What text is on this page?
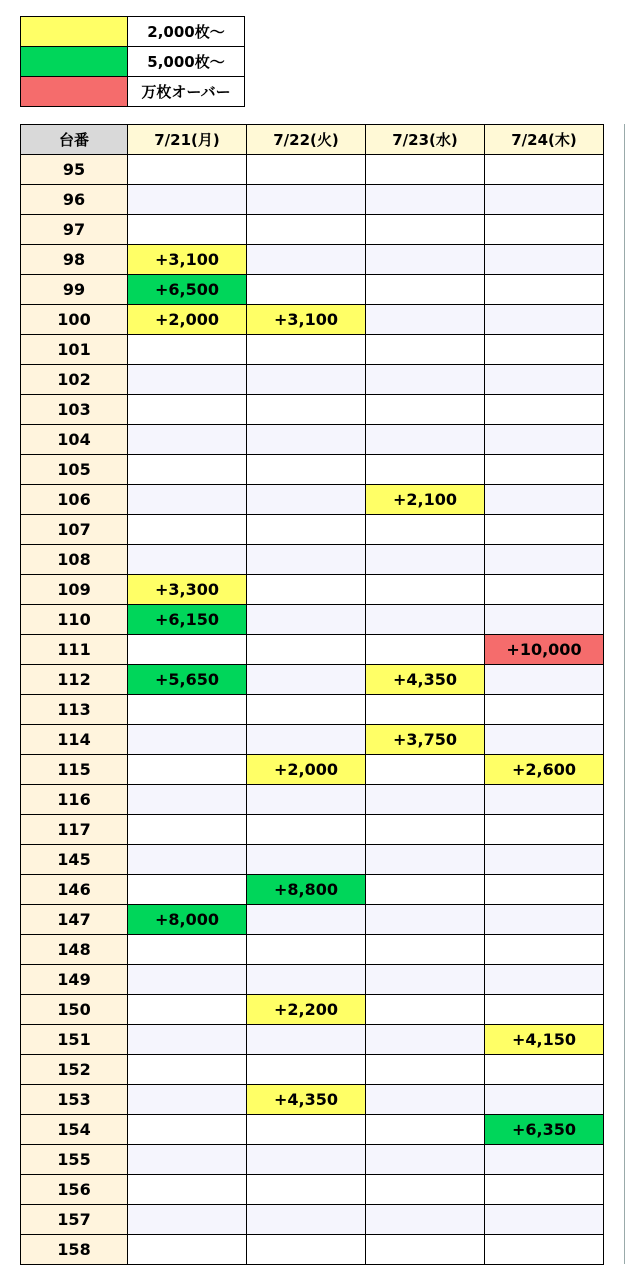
	2,000枚～
	5,000枚～
	万枚オーバー
台番	7/21(月)	7/22(火)	7/23(水)	7/24(木)
95				
96				
97				
98	+3,100			
99	+6,500			
100	+2,000	+3,100		
101				
102				
103				
104				
105				
106			+2,100	
107				
108				
109	+3,300			
110	+6,150			
111				+10,000
112	+5,650		+4,350	
113				
114			+3,750	
115		+2,000		+2,600
116				
117				
145				
146		+8,800		
147	+8,000			
148				
149				
150		+2,200		
151				+4,150
152				
153		+4,350		
154				+6,350
155				
156				
157				
158				
